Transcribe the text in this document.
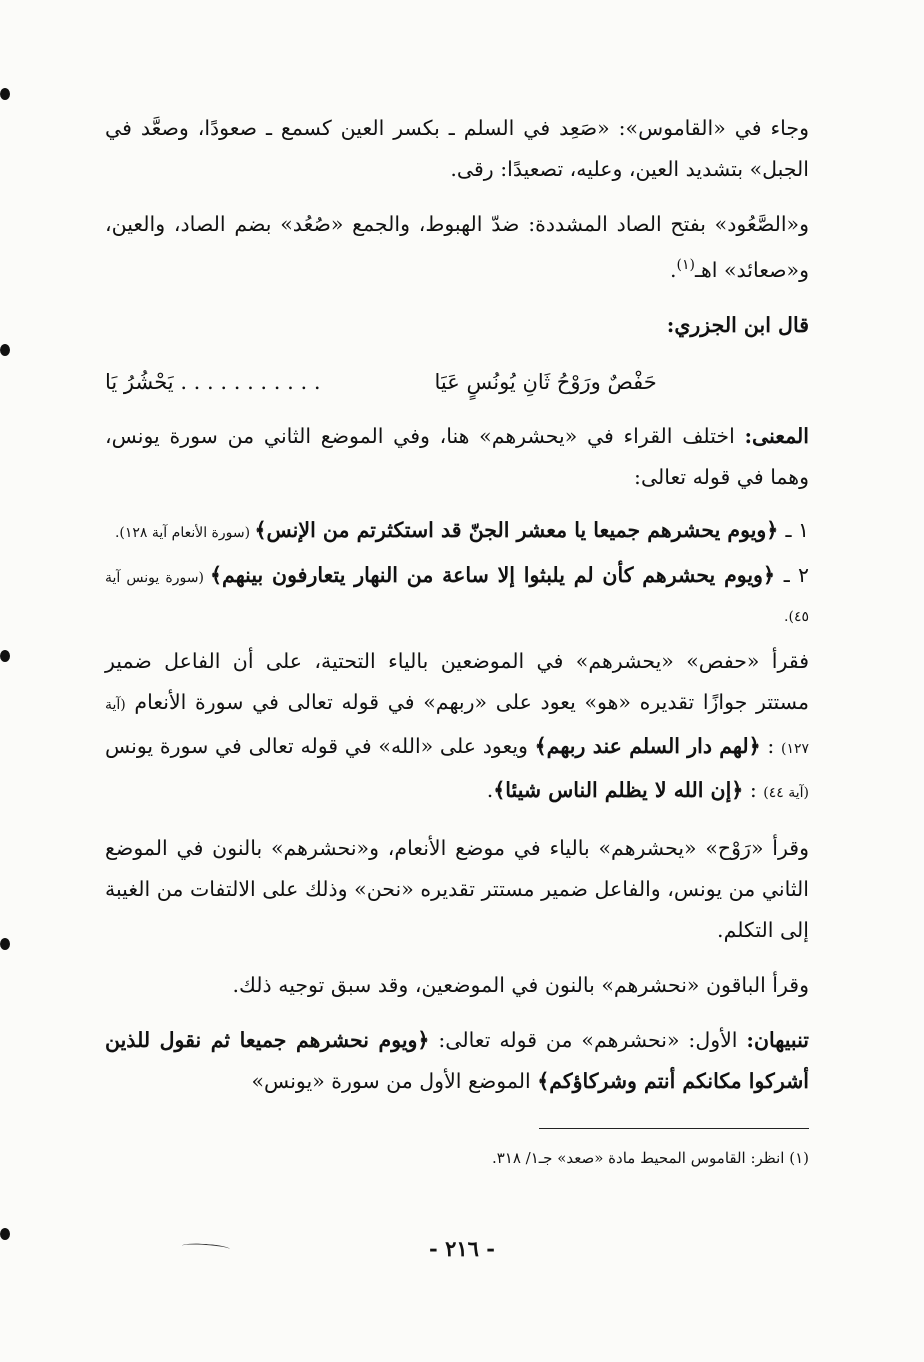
وجاء في «القاموس»: «صَعِد في السلم ـ بكسر العين كسمع ـ صعودًا، وصعَّد في الجبل» بتشديد العين، وعليه، تصعيدًا: رقى.

و«الصَّعُود» بفتح الصاد المشددة: ضدّ الهبوط، والجمع «صُعُد» بضم الصاد، والعين، و«صعائد» اهـ$^{(١)}$.

قال ابن الجزري:

. . . . . . . . . . . يَحْشُرُ يَا	حَفْصٌ ورَوْحُ ثَانِ يُونُسٍ عَيَا

المعنى: اختلف القراء في «يحشرهم» هنا، وفي الموضع الثاني من سورة يونس، وهما في قوله تعالى:

١ ـ ﴿ويوم يحشرهم جميعا يا معشر الجنّ قد استكثرتم من الإنس﴾ (سورة الأنعام آية ١٢٨).

٢ ـ ﴿ويوم يحشرهم كأن لم يلبثوا إلا ساعة من النهار يتعارفون بينهم﴾ (سورة يونس آية ٤٥).

فقرأ «حفص» «يحشرهم» في الموضعين بالياء التحتية، على أن الفاعل ضمير مستتر جوازًا تقديره «هو» يعود على «ربهم» في قوله تعالى في سورة الأنعام (آية ١٢٧) : ﴿لهم دار السلم عند ربهم﴾ ويعود على «الله» في قوله تعالى في سورة يونس (آية ٤٤) : ﴿إن الله لا يظلم الناس شيئا﴾.

وقرأ «رَوْح» «يحشرهم» بالياء في موضع الأنعام، و«نحشرهم» بالنون في الموضع الثاني من يونس، والفاعل ضمير مستتر تقديره «نحن» وذلك على الالتفات من الغيبة إلى التكلم.

وقرأ الباقون «نحشرهم» بالنون في الموضعين، وقد سبق توجيه ذلك.

تنبيهان: الأول: «نحشرهم» من قوله تعالى: ﴿ويوم نحشرهم جميعا ثم نقول للذين أشركوا مكانكم أنتم وشركاؤكم﴾ الموضع الأول من سورة «يونس»

(١) انظر: القاموس المحيط مادة «صعد» جـ١/ ٣١٨.

- ٢١٦ -
